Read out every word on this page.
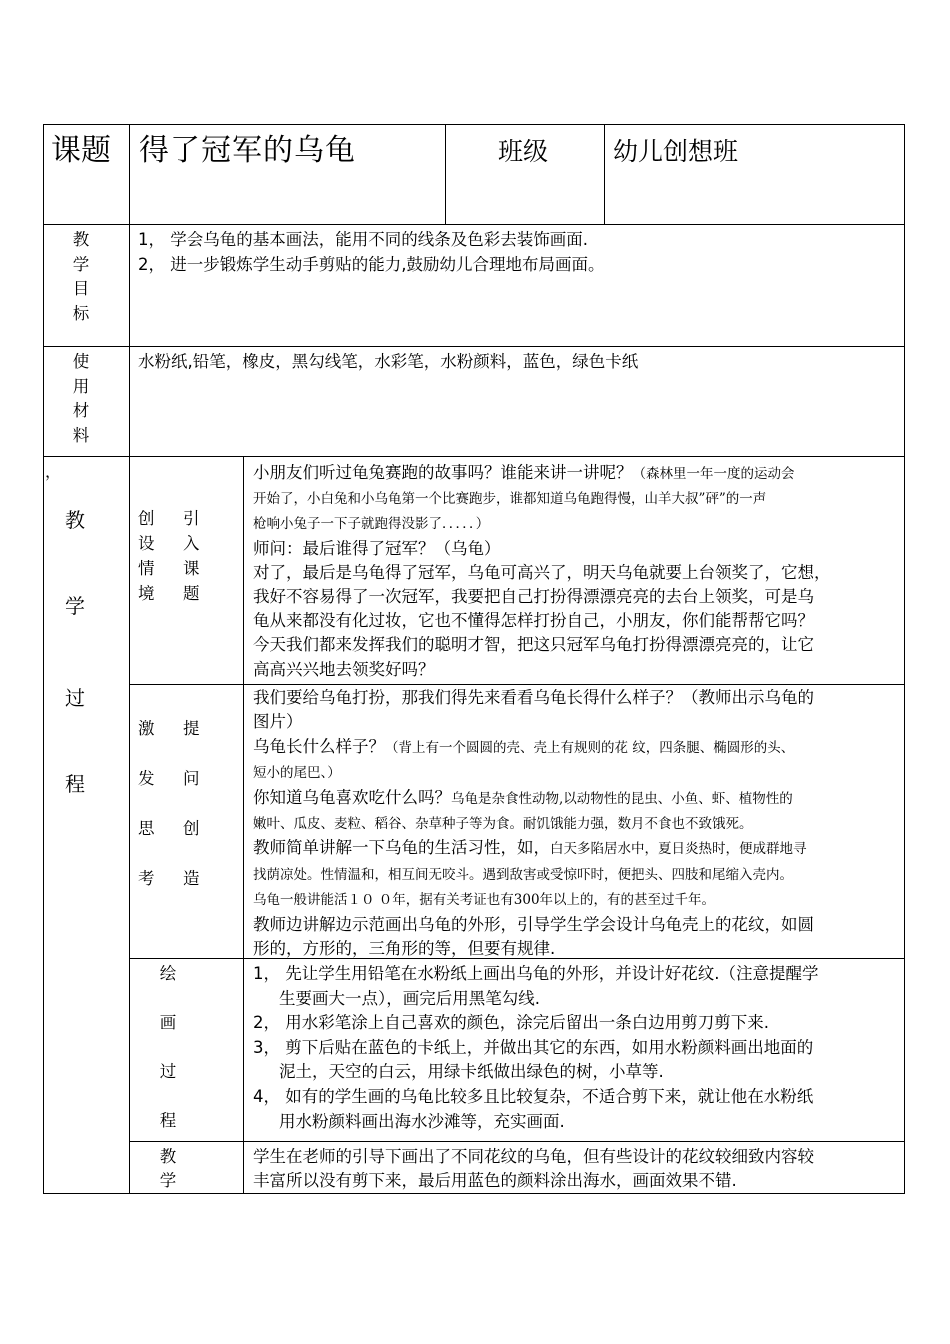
课题 得了冠军的乌龟	班级	幼儿创想班
教
学
目
标
1， 学会乌龟的基本画法，能用不同的线条及色彩去装饰画面.
2， 进一步锻炼学生动手剪贴的能力,鼓励幼儿合理地布局画面。
使
用
材
料
水粉纸,铅笔，橡皮，黑勾线笔，水彩笔，水粉颜料，蓝色，绿色卡纸
，
教
学
过
程
创　引
设　入
情　课
境　题
小朋友们听过龟兔赛跑的故事吗？谁能来讲一讲呢？（森林里一年一度的运动会
开始了，小白兔和小乌龟第一个比赛跑步，谁都知道乌龟跑得慢，山羊大叔”砰”的一声
枪响小兔子一下子就跑得没影了．．．．．）
师问：最后谁得了冠军？（乌龟）
对了，最后是乌龟得了冠军，乌龟可高兴了，明天乌龟就要上台领奖了，它想，
我好不容易得了一次冠军，我要把自己打扮得漂漂亮亮的去台上领奖，可是乌
龟从来都没有化过妆，它也不懂得怎样打扮自己，小朋友，你们能帮帮它吗？
今天我们都来发挥我们的聪明才智，把这只冠军乌龟打扮得漂漂亮亮的，让它
高高兴兴地去领奖好吗？
激　提
发　问
思　创
考　造
我们要给乌龟打扮，那我们得先来看看乌龟长得什么样子？（教师出示乌龟的
图片）
乌龟长什么样子？（背上有一个圆圆的壳、壳上有规则的花 纹，四条腿、椭圆形的头、
短小的尾巴、）
你知道乌龟喜欢吃什么吗？乌龟是杂食性动物,以动物性的昆虫、小鱼、虾、植物性的
嫩叶、瓜皮、麦粒、稻谷、杂草种子等为食。耐饥饿能力强，数月不食也不致饿死。
教师简单讲解一下乌龟的生活习性，如，白天多陷居水中，夏日炎热时，便成群地寻
找荫凉处。性情温和，相互间无咬斗。遇到敌害或受惊吓时，便把头、四肢和尾缩入壳内。
乌龟一般讲能活１０ ０年，据有关考证也有300年以上的，有的甚至过千年。
教师边讲解边示范画出乌龟的外形，引导学生学会设计乌龟壳上的花纹，如圆
形的，方形的，三角形的等，但要有规律.
绘
画
过
程
1， 先让学生用铅笔在水粉纸上画出乌龟的外形，并设计好花纹.（注意提醒学
生要画大一点），画完后用黑笔勾线.
2， 用水彩笔涂上自己喜欢的颜色，涂完后留出一条白边用剪刀剪下来.
3， 剪下后贴在蓝色的卡纸上，并做出其它的东西，如用水粉颜料画出地面的
泥土，天空的白云，用绿卡纸做出绿色的树，小草等.
4， 如有的学生画的乌龟比较多且比较复杂，不适合剪下来，就让他在水粉纸
用水粉颜料画出海水沙滩等，充实画面.
教
学
学生在老师的引导下画出了不同花纹的乌龟，但有些设计的花纹较细致内容较
丰富所以没有剪下来，最后用蓝色的颜料涂出海水，画面效果不错.
